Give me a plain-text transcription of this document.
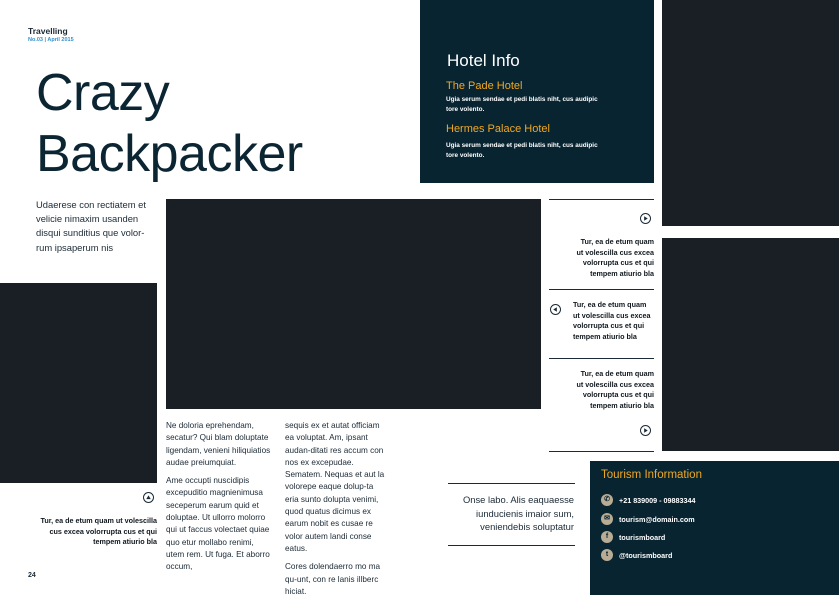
Travelling
No.03 | April 2015
Crazy
Backpacker
Udaerese con rectiatem et velicie nimaxim usanden disqui sunditius que volor-rum ipsaperum nis
Hotel Info
The Pade Hotel
Ugia serum sendae et pedi blatis niht, cus audipic
tore volento.
Hermes Palace Hotel
Ugia serum sendae et pedi blatis niht, cus audipic
tore volento.
Tur, ea de etum quam
ut volescilla cus excea
volorrupta cus et qui
tempem atiurio bla
Tur, ea de etum quam
ut volescilla cus excea
volorrupta cus et qui
tempem atiurio bla
Tur, ea de etum quam
ut volescilla cus excea
volorrupta cus et qui
tempem atiurio bla
Tur, ea de etum quam ut volescilla
cus excea volorrupta cus et qui
tempem atiurio bla

Ne doloria eprehendam, secatur? Qui blam doluptate ligendam, venieni hiliquiatios audae preiumquiat.

Ame occupti nuscidipis excepuditio magnienimusa seceperum earum quid et doluptae. Ut ullorro molorro qui ut faccus volectaet quiae quo etur mollabo renimi, utem rem. Ut fuga. Et aborro occum,

sequis ex et autat officiam ea voluptat. Am, ipsant audan-ditati res accum con nos ex excepudae. Sematem. Nequas et aut la volorepe eaque dolup-ta eria sunto dolupta venimi, quod quatus dicimus ex earum nobit es cusae re volor autem landi conse eatus.

Cores dolendaerro mo ma qu-unt, con re lanis illberc hiciat.

Onse labo. Alis eaquaesse
iunducienis imaior sum,
veniendebis soluptatur
Tourism Information
✆	+21 839009 - 09883344
✉	tourism@domain.com
f	tourismboard
t	@tourismboard
24
